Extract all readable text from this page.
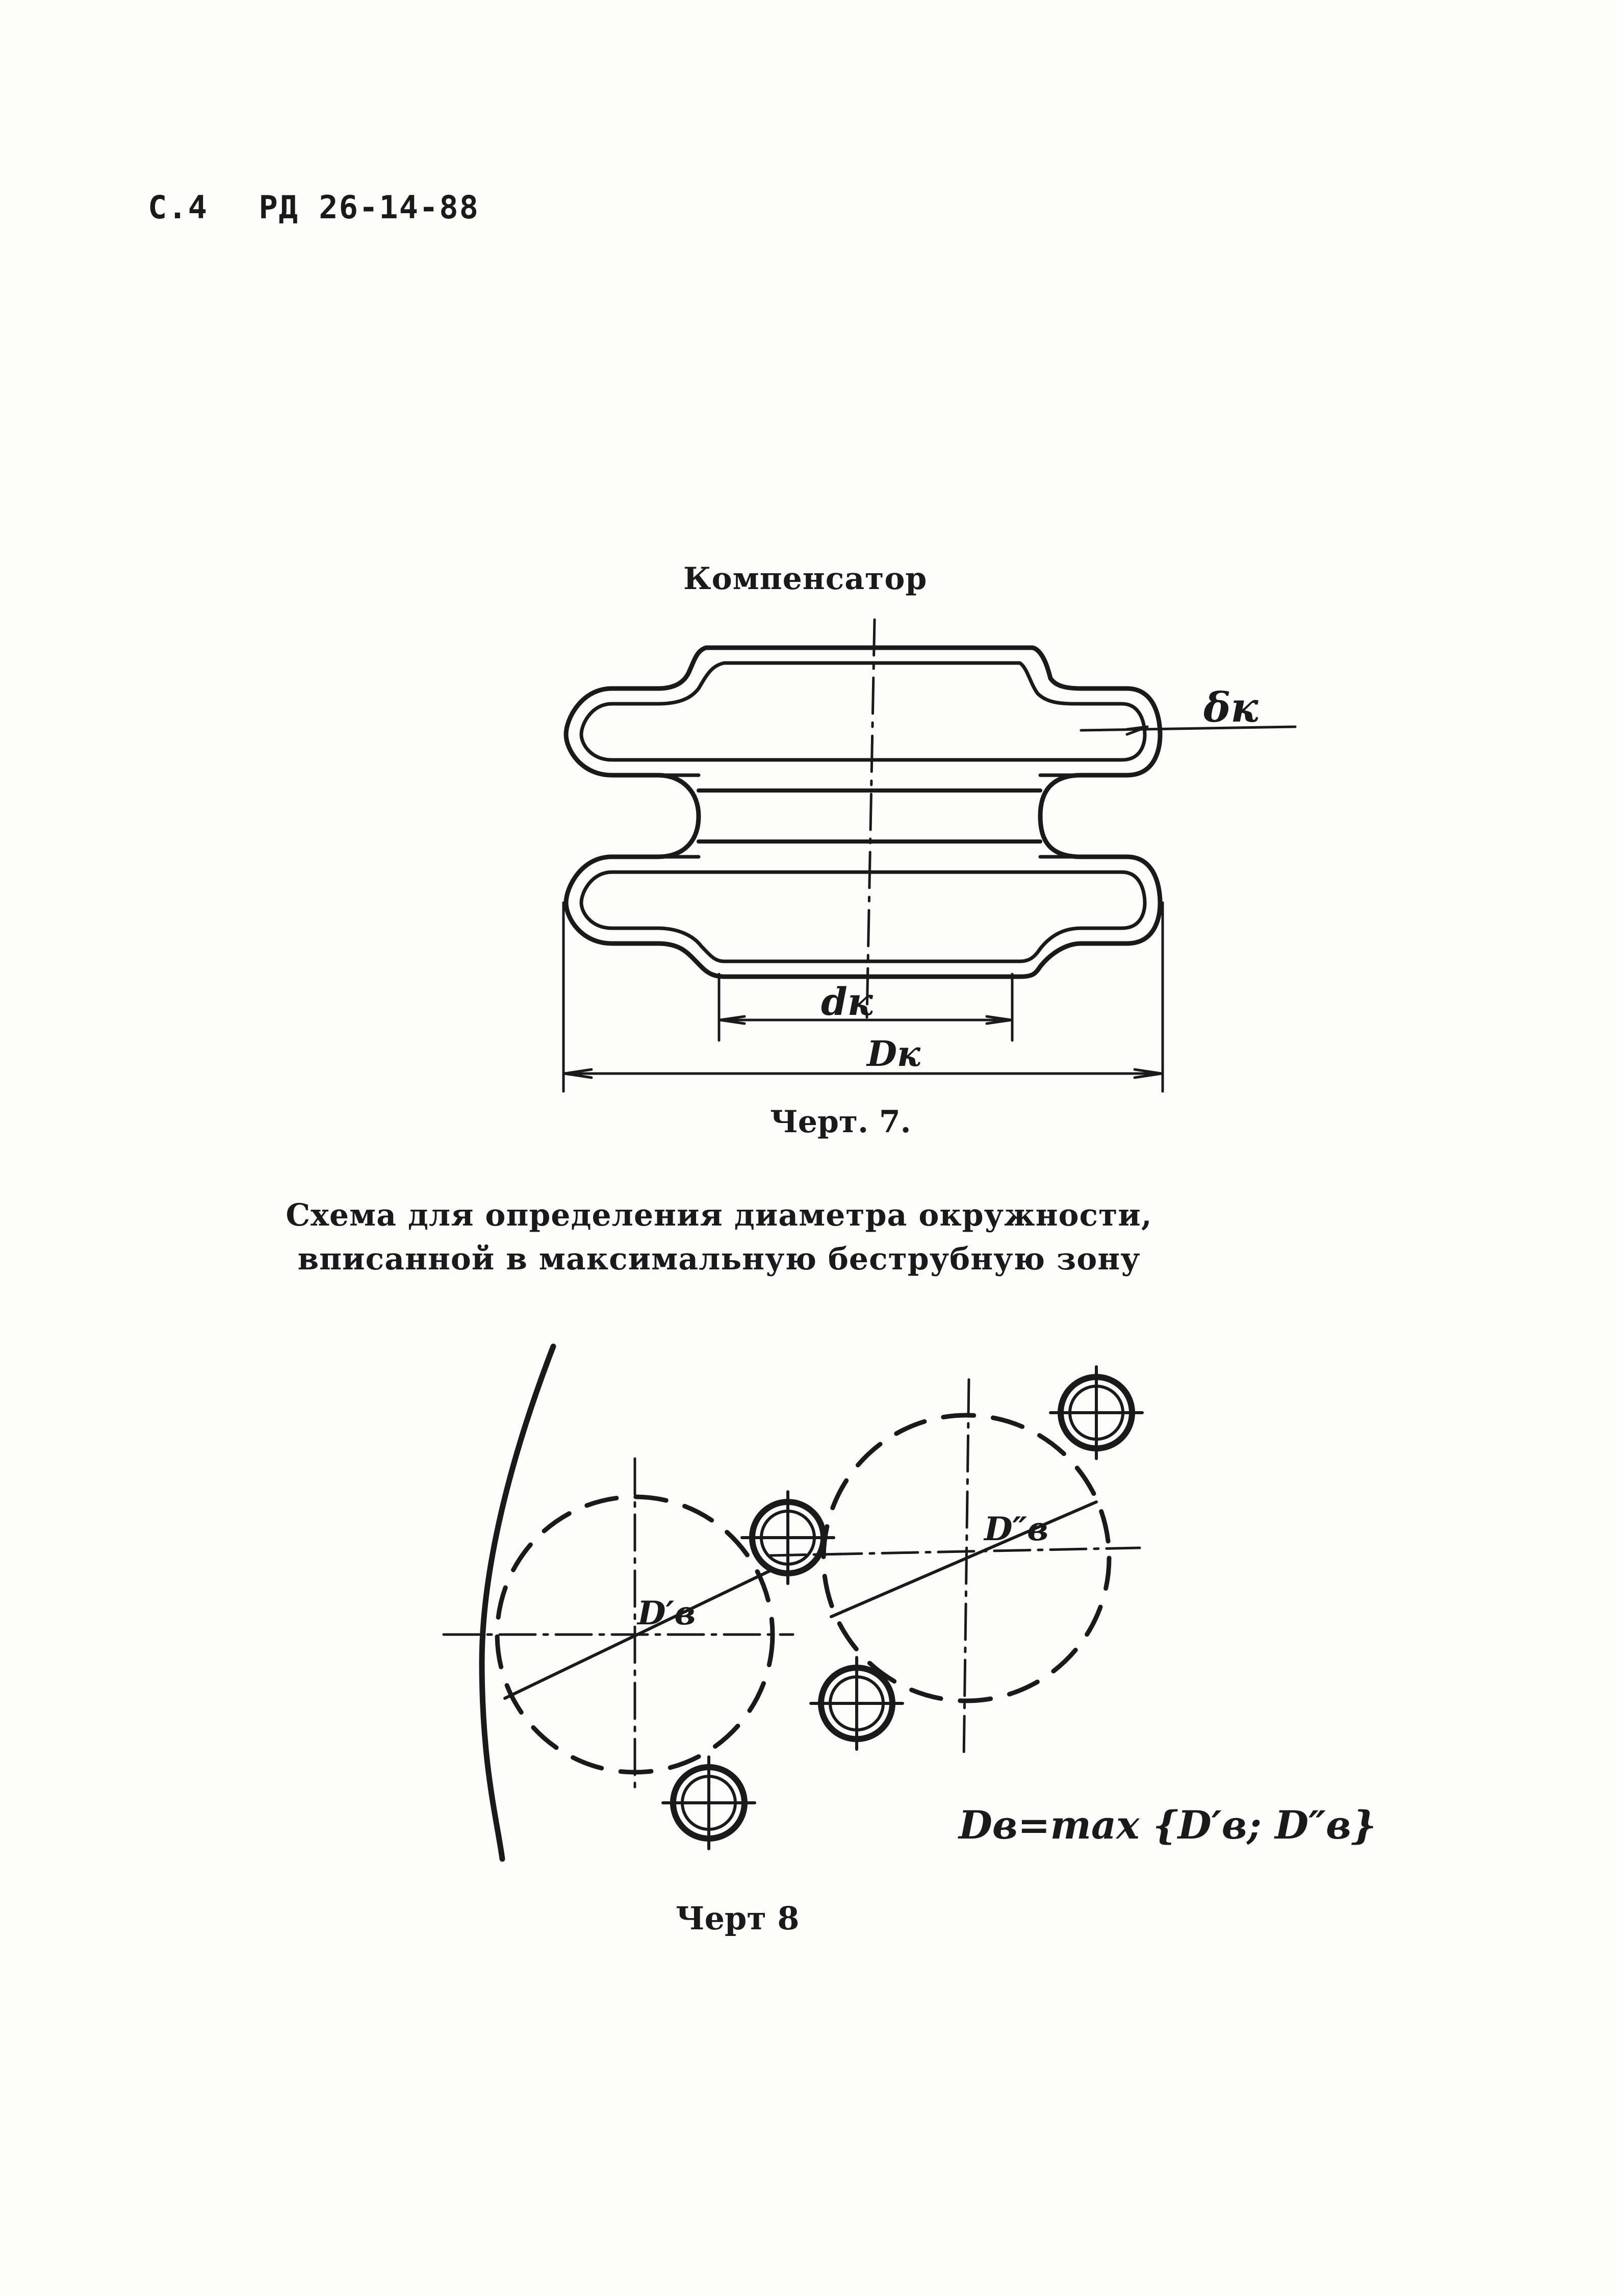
С.4 РД 26-14-88
Компенсатор
δк
dк
Dк
Черт. 7.
Схема для определения диаметра окружности,
вписанной в максимальную беструбную зону
D′в
D″в
Dв=max {D′в; D″в}
Черт 8
